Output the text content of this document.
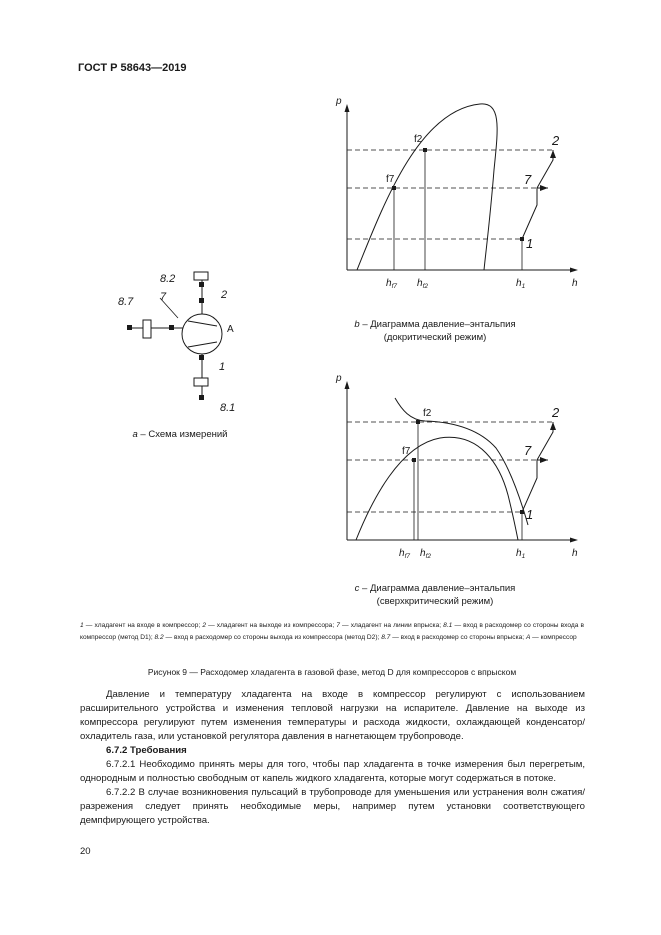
ГОСТ Р 58643—2019
8.2
2
8.7 7
1
8.1
A
a – Схема измерений
p
h
f2
f7
$h_{f7}$ $h_{f2}$	$h_1$
2
7
1
b – Диаграмма давление–энтальпия
(докритический режим)
p
h
f2
f7
$h_{f7}$ $h_{f2}$	$h_1$
2
7
1
c – Диаграмма давление–энтальпия
(сверхкритический режим)
1 — хладагент на входе в компрессор; 2 — хладагент на выходе из компрессора; 7 — хладагент на линии впрыска; 8.1 — вход в расходомер со стороны входа в компрессор (метод D1); 8.2 — вход в расходомер со стороны выхода из компрессора (метод D2); 8.7 — вход в расходомер со стороны впрыска; A — компрессор
Рисунок 9 — Расходомер хладагента в газовой фазе, метод D для компрессоров с впрыском

Давление и температуру хладагента на входе в компрессор регулируют с использованием расширительного устройства и изменения тепловой нагрузки на испарителе. Давление на выходе из компрессора регулируют путем изменения температуры и расхода жидкости, охлаждающей конденсатор/охладитель газа, или установкой регулятора давления в нагнетающем трубопроводе.

6.7.2 Требования

6.7.2.1 Необходимо принять меры для того, чтобы пар хладагента в точке измерения был перегретым, однородным и полностью свободным от капель жидкого хладагента, которые могут содержаться в потоке.

6.7.2.2 В случае возникновения пульсаций в трубопроводе для уменьшения или устранения волн сжатия/разрежения следует принять необходимые меры, например путем установки соответствующего демпфирующего устройства.

20
